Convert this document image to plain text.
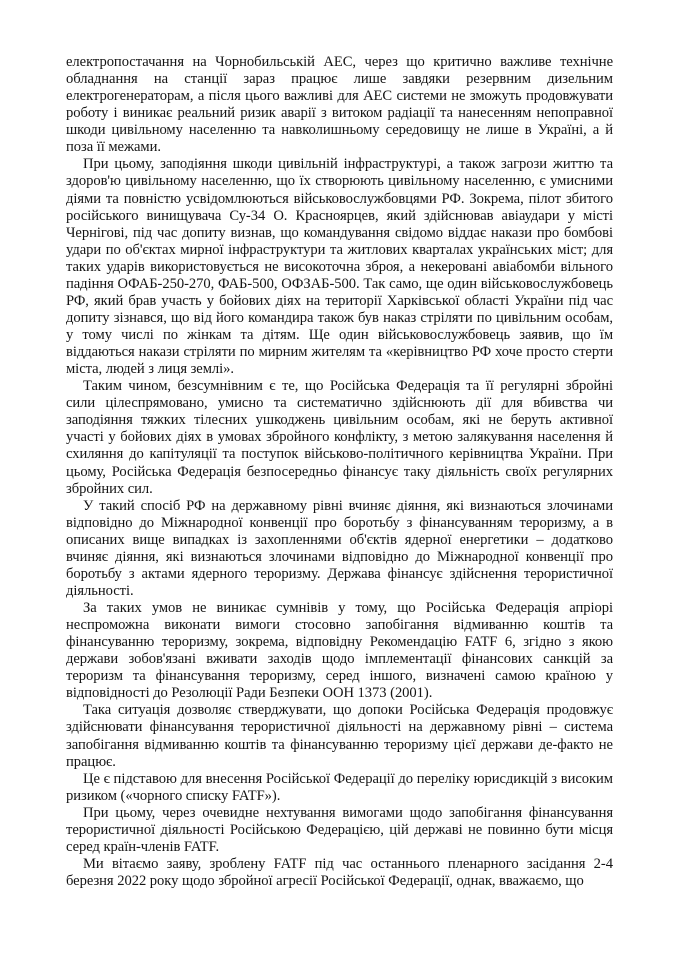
електропостачання на Чорнобильській АЕС, через що критично важливе технічне обладнання на станції зараз працює лише завдяки резервним дизельним електрогенераторам, а після цього важливі для АЕС системи не зможуть продовжувати роботу і виникає реальний ризик аварії з витоком радіації та нанесенням непоправної шкоди цивільному населенню та навколишньому середовищу не лише в Україні, а й поза її межами.

При цьому, заподіяння шкоди цивільній інфраструктурі, а також загрози життю та здоров'ю цивільному населенню, що їх створюють цивільному населенню, є умисними діями та повністю усвідомлюються військовослужбовцями РФ. Зокрема, пілот збитого російського винищувача Су-34 О. Красноярцев, який здійснював авіаудари у місті Чернігові, під час допиту визнав, що командування свідомо віддає накази про бомбові удари по об'єктах мирної інфраструктури та житлових кварталах українських міст; для таких ударів використовується не високоточна зброя, а некеровані авіабомби вільного падіння ОФАБ-250-270, ФАБ-500, ОФЗАБ-500. Так само, ще один військовослужбовець РФ, який брав участь у бойових діях на території Харківської області України під час допиту зізнався, що від його командира також був наказ стріляти по цивільним особам, у тому числі по жінкам та дітям. Ще один військовослужбовець заявив, що їм віддаються накази стріляти по мирним жителям та «керівництво РФ хоче просто стерти міста, людей з лиця землі».

Таким чином, безсумнівним є те, що Російська Федерація та її регулярні збройні сили цілеспрямовано, умисно та систематично здійснюють дії для вбивства чи заподіяння тяжких тілесних ушкоджень цивільним особам, які не беруть активної участі у бойових діях в умовах збройного конфлікту, з метою залякування населення й схиляння до капітуляції та поступок військово-політичного керівництва України. При цьому, Російська Федерація безпосередньо фінансує таку діяльність своїх регулярних збройних сил.

У такий спосіб РФ на державному рівні вчиняє діяння, які визнаються злочинами відповідно до Міжнародної конвенції про боротьбу з фінансуванням тероризму, а в описаних вище випадках із захопленнями об'єктів ядерної енергетики – додатково вчиняє діяння, які визнаються злочинами відповідно до Міжнародної конвенції про боротьбу з актами ядерного тероризму. Держава фінансує здійснення терористичної діяльності.

За таких умов не виникає сумнівів у тому, що Російська Федерація апріорі неспроможна виконати вимоги стосовно запобігання відмиванню коштів та фінансуванню тероризму, зокрема, відповідну Рекомендацію FATF 6, згідно з якою держави зобов'язані вживати заходів щодо імплементації фінансових санкцій за тероризм та фінансування тероризму, серед іншого, визначені самою країною у відповідності до Резолюції Ради Безпеки ООН 1373 (2001).

Така ситуація дозволяє стверджувати, що допоки Російська Федерація продовжує здійснювати фінансування терористичної діяльності на державному рівні – система запобігання відмиванню коштів та фінансуванню тероризму цієї держави де-факто не працює.

Це є підставою для внесення Російської Федерації до переліку юрисдикцій з високим ризиком («чорного списку FATF»).

При цьому, через очевидне нехтування вимогами щодо запобігання фінансування терористичної діяльності Російською Федерацією, цій державі не повинно бути місця серед країн-членів FATF.

Ми вітаємо заяву, зроблену FATF під час останнього пленарного засідання 2-4 березня 2022 року щодо збройної агресії Російської Федерації, однак, вважаємо, що
